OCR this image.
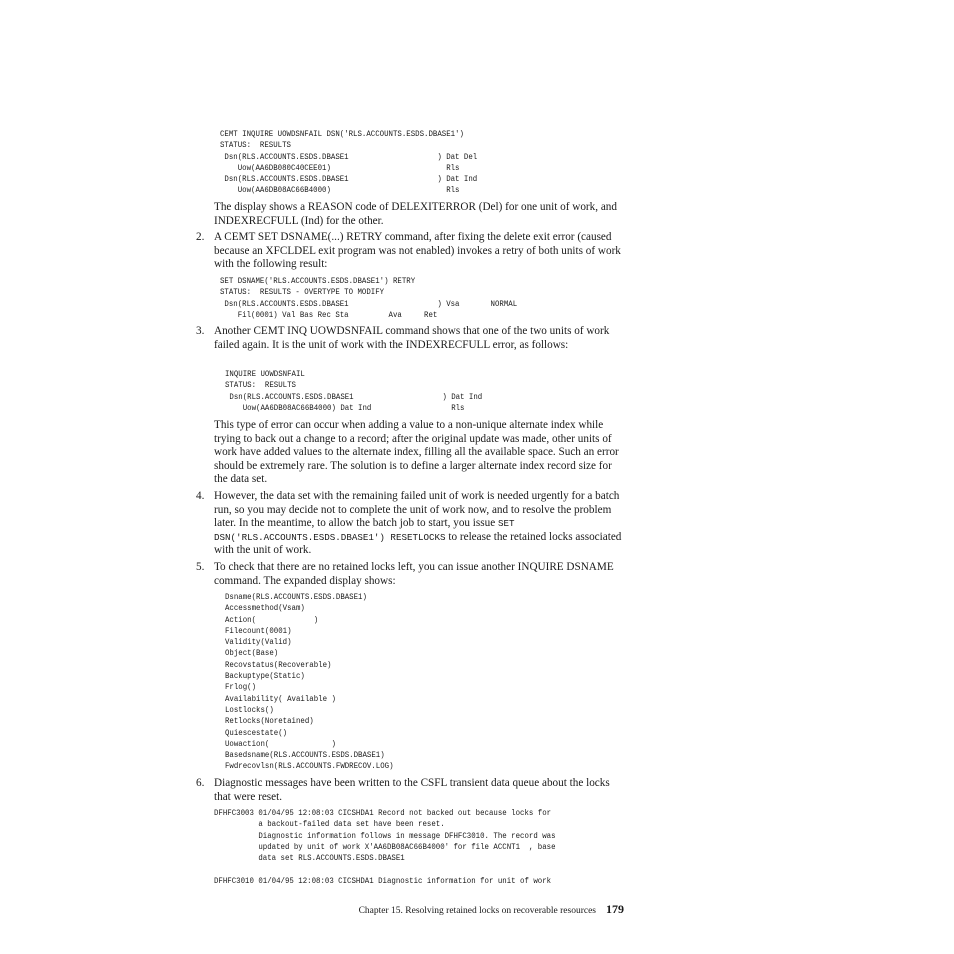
CEMT INQUIRE UOWDSNFAIL DSN('RLS.ACCOUNTS.ESDS.DBASE1')
STATUS:  RESULTS
Dsn(RLS.ACCOUNTS.ESDS.DBASE1                    ) Dat Del
Uow(AA6DB080C40CEE01)                          Rls
Dsn(RLS.ACCOUNTS.ESDS.DBASE1                    ) Dat Ind
Uow(AA6DB08AC66B4000)                          Rls

The display shows a REASON code of DELEXITERROR (Del) for one unit of work, and INDEXRECFULL (Ind) for the other.

2. A CEMT SET DSNAME(...) RETRY command, after fixing the delete exit error (caused because an XFCLDEL exit program was not enabled) invokes a retry of both units of work with the following result:

SET DSNAME('RLS.ACCOUNTS.ESDS.DBASE1') RETRY
STATUS:  RESULTS - OVERTYPE TO MODIFY
Dsn(RLS.ACCOUNTS.ESDS.DBASE1                    ) Vsa       NORMAL
Fil(0001) Val Bas Rec Sta         Ava     Ret
3. Another CEMT INQ UOWDSNFAIL command shows that one of the two units of work failed again. It is the unit of work with the INDEXRECFULL error, as follows:

INQUIRE UOWDSNFAIL
STATUS:  RESULTS
Dsn(RLS.ACCOUNTS.ESDS.DBASE1                    ) Dat Ind
Uow(AA6DB08AC66B4000) Dat Ind                  Rls

This type of error can occur when adding a value to a non-unique alternate index while trying to back out a change to a record; after the original update was made, other units of work have added values to the alternate index, filling all the available space. Such an error should be extremely rare. The solution is to define a larger alternate index record size for the data set.

4. However, the data set with the remaining failed unit of work is needed urgently for a batch run, so you may decide not to complete the unit of work now, and to resolve the problem later. In the meantime, to allow the batch job to start, you issue SET DSN('RLS.ACCOUNTS.ESDS.DBASE1') RESETLOCKS to release the retained locks associated with the unit of work.

5. To check that there are no retained locks left, you can issue another INQUIRE DSNAME command. The expanded display shows:

Dsname(RLS.ACCOUNTS.ESDS.DBASE1)
Accessmethod(Vsam)
Action(             )
Filecount(0001)
Validity(Valid)
Object(Base)
Recovstatus(Recoverable)
Backuptype(Static)
Frlog()
Availability( Available )
Lostlocks()
Retlocks(Noretained)
Quiescestate()
Uowaction(              )
Basedsname(RLS.ACCOUNTS.ESDS.DBASE1)
Fwdrecovlsn(RLS.ACCOUNTS.FWDRECOV.LOG)
6. Diagnostic messages have been written to the CSFL transient data queue about the locks that were reset.

DFHFC3003 01/04/95 12:08:03 CICSHDA1 Record not backed out because locks for
a backout-failed data set have been reset.
Diagnostic information follows in message DFHFC3010. The record was
updated by unit of work X'AA6DB08AC66B4000' for file ACCNT1  , base
data set RLS.ACCOUNTS.ESDS.DBASE1

DFHFC3010 01/04/95 12:08:03 CICSHDA1 Diagnostic information for unit of work
Chapter 15. Resolving retained locks on recoverable resources 179
